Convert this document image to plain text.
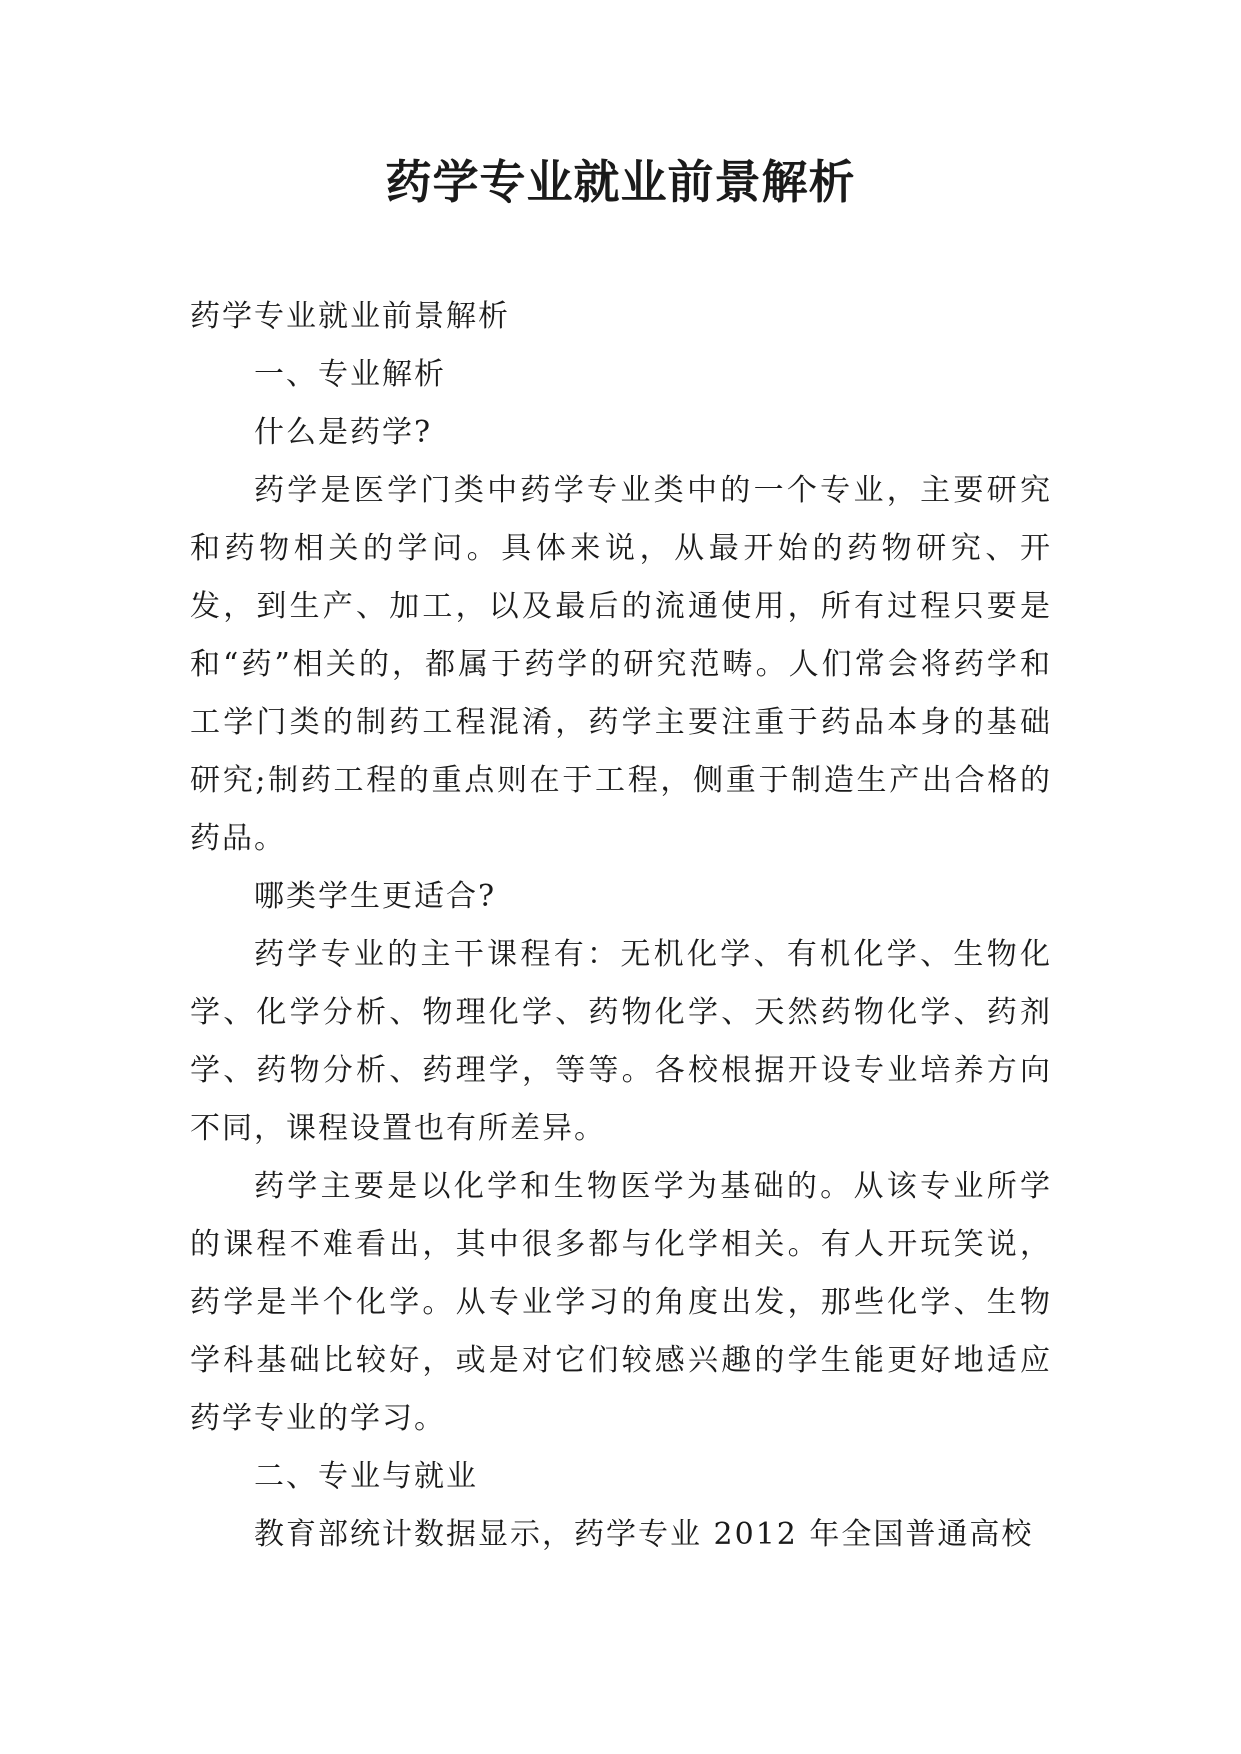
药学专业就业前景解析

药学专业就业前景解析

一、专业解析

什么是药学?

药学是医学门类中药学专业类中的一个专业，主要研究和药物相关的学问。具体来说，从最开始的药物研究、开发，到生产、加工，以及最后的流通使用，所有过程只要是和“药”相关的，都属于药学的研究范畴。人们常会将药学和工学门类的制药工程混淆，药学主要注重于药品本身的基础研究;制药工程的重点则在于工程，侧重于制造生产出合格的药品。

哪类学生更适合?

药学专业的主干课程有：无机化学、有机化学、生物化学、化学分析、物理化学、药物化学、天然药物化学、药剂学、药物分析、药理学，等等。各校根据开设专业培养方向不同，课程设置也有所差异。

药学主要是以化学和生物医学为基础的。从该专业所学的课程不难看出，其中很多都与化学相关。有人开玩笑说，药学是半个化学。从专业学习的角度出发，那些化学、生物学科基础比较好，或是对它们较感兴趣的学生能更好地适应药学专业的学习。

二、专业与就业

教育部统计数据显示，药学专业 2012 年全国普通高校
